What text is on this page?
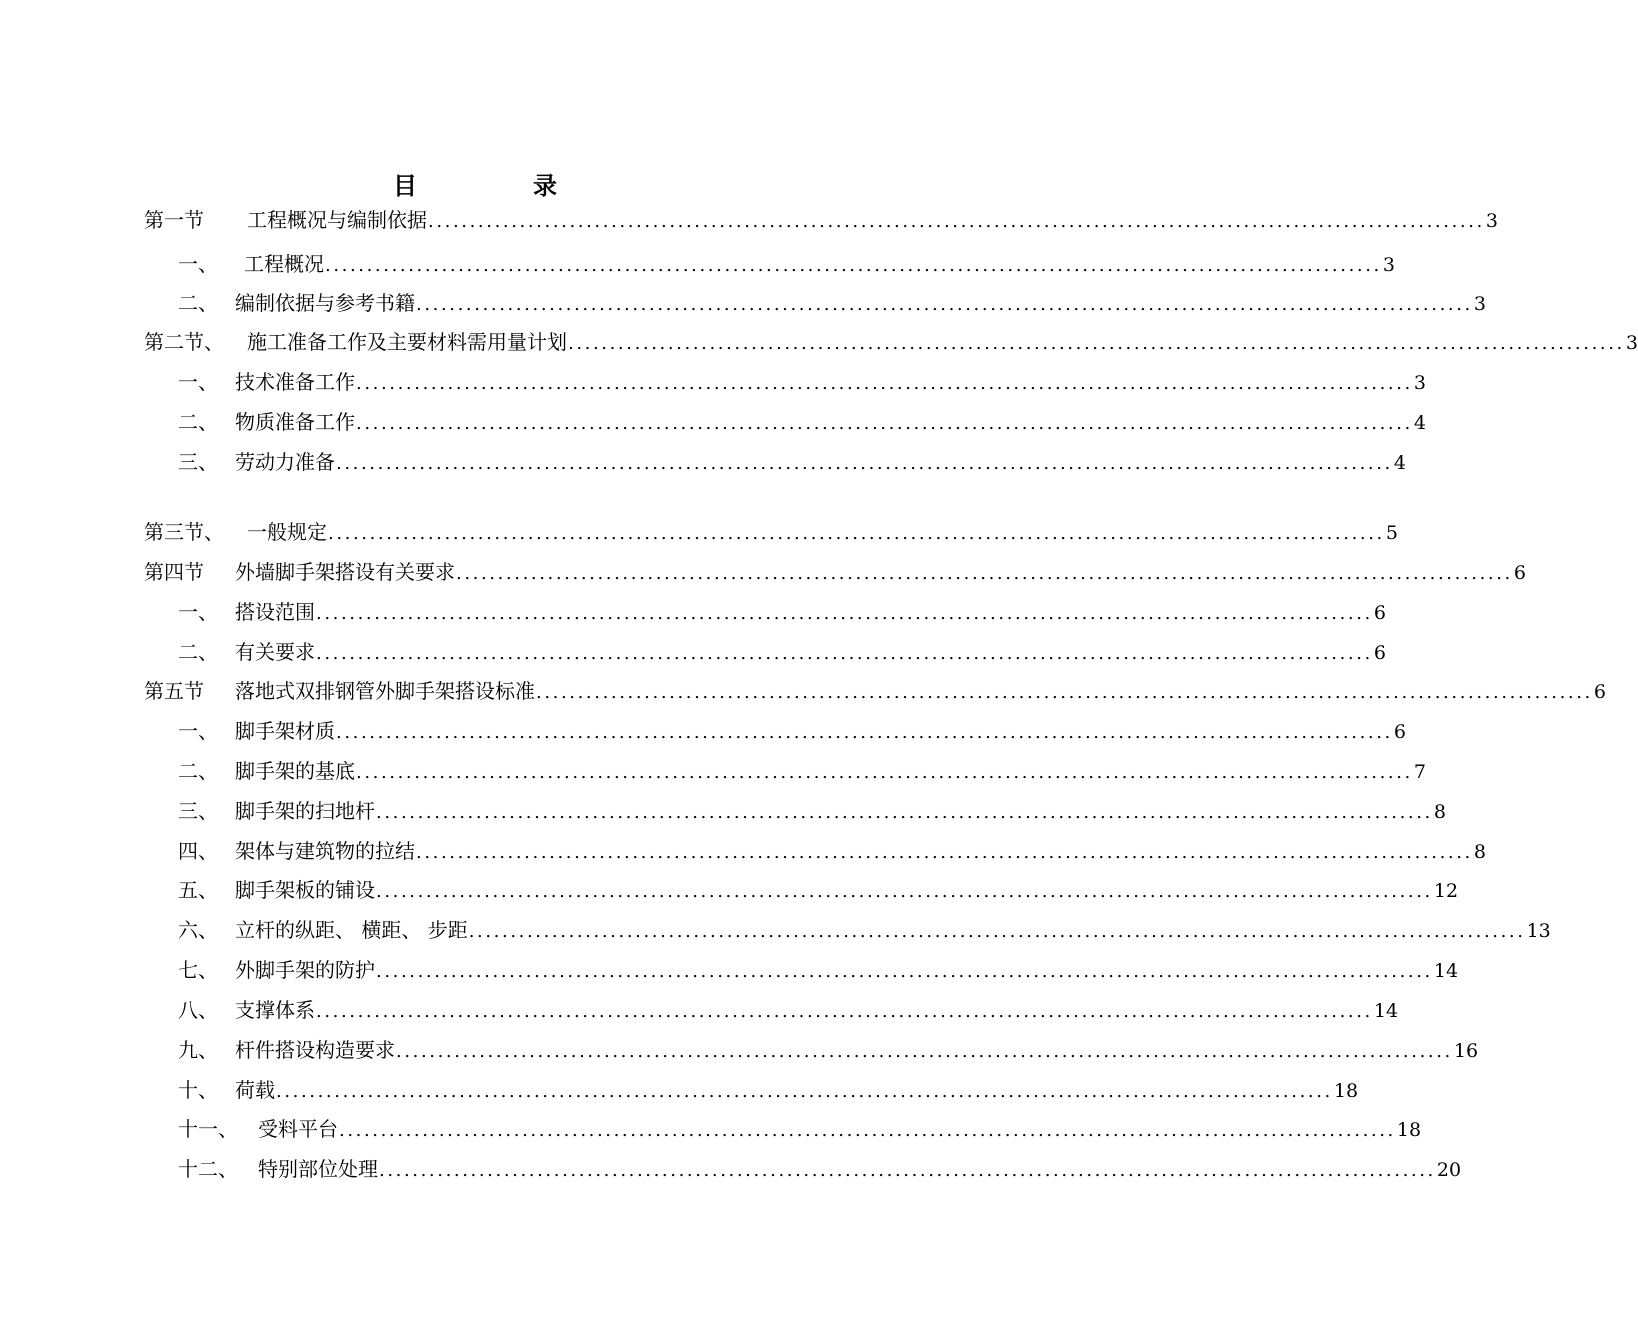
目	录
第一节 工程概况与编制依据 ............................................................................................................................... 3
一、 工程概况 ............................................................................................................................... 3
二、 编制依据与参考书籍 ............................................................................................................................... 3
第二节、 施工准备工作及主要材料需用量计划 ............................................................................................................................... 3
一、 技术准备工作 ............................................................................................................................... 3
二、 物质准备工作 ............................................................................................................................... 4
三、 劳动力准备 ............................................................................................................................... 4
第三节、 一般规定 ............................................................................................................................... 5
第四节 外墙脚手架搭设有关要求 ............................................................................................................................... 6
一、 搭设范围 ............................................................................................................................... 6
二、 有关要求 ............................................................................................................................... 6
第五节 落地式双排钢管外脚手架搭设标准 ............................................................................................................................... 6
一、 脚手架材质 ............................................................................................................................... 6
二、 脚手架的基底 ............................................................................................................................... 7
三、 脚手架的扫地杆 ............................................................................................................................... 8
四、 架体与建筑物的拉结 ............................................................................................................................... 8
五、 脚手架板的铺设 ............................................................................................................................... 12
六、 立杆的纵距、 横距、 步距 ............................................................................................................................... 13
七、 外脚手架的防护 ............................................................................................................................... 14
八、 支撑体系 ............................................................................................................................... 14
九、 杆件搭设构造要求 ............................................................................................................................... 16
十、 荷载 ............................................................................................................................... 18
十一、 受料平台 ............................................................................................................................... 18
十二、 特别部位处理 ............................................................................................................................... 20
